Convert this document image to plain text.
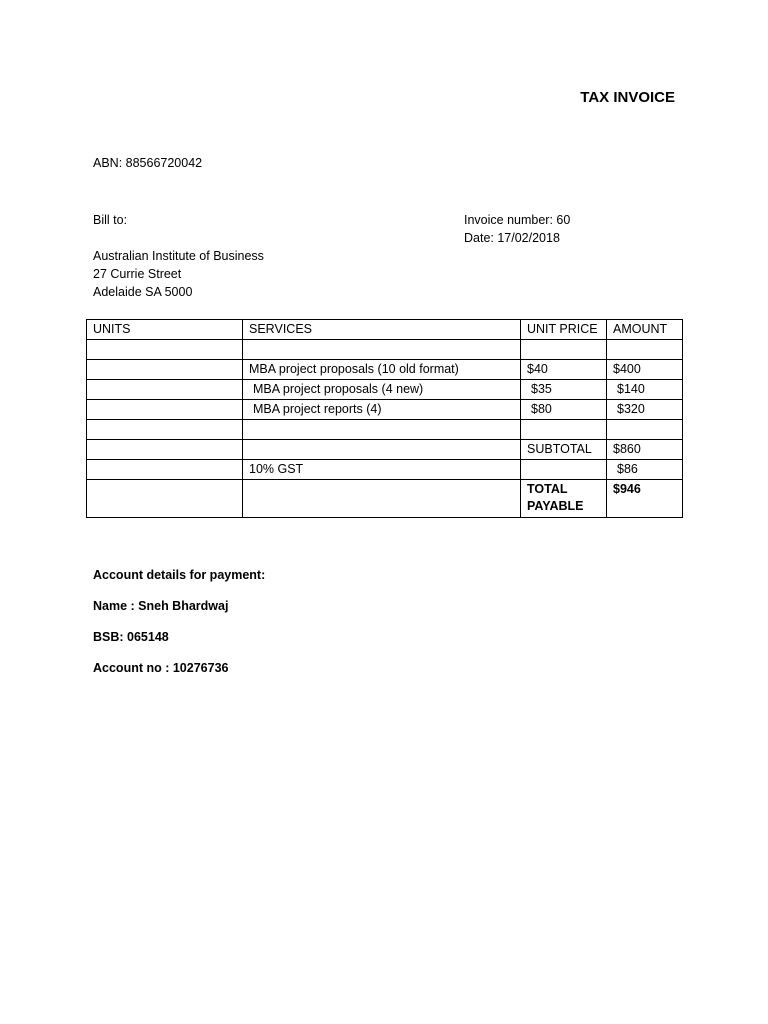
TAX INVOICE
ABN: 88566720042
Bill to:
Australian Institute of Business
27 Currie Street
Adelaide SA 5000
Invoice number: 60
Date: 17/02/2018
UNITS	SERVICES	UNIT PRICE	AMOUNT

	MBA project proposals (10 old format)	$40	$400
	MBA project proposals (4 new)	$35	$140
	MBA project reports (4)	$80	$320

		SUBTOTAL	$860
	10% GST		$86
		TOTAL PAYABLE	$946
Account details for payment:
Name : Sneh Bhardwaj
BSB: 065148
Account no : 10276736
